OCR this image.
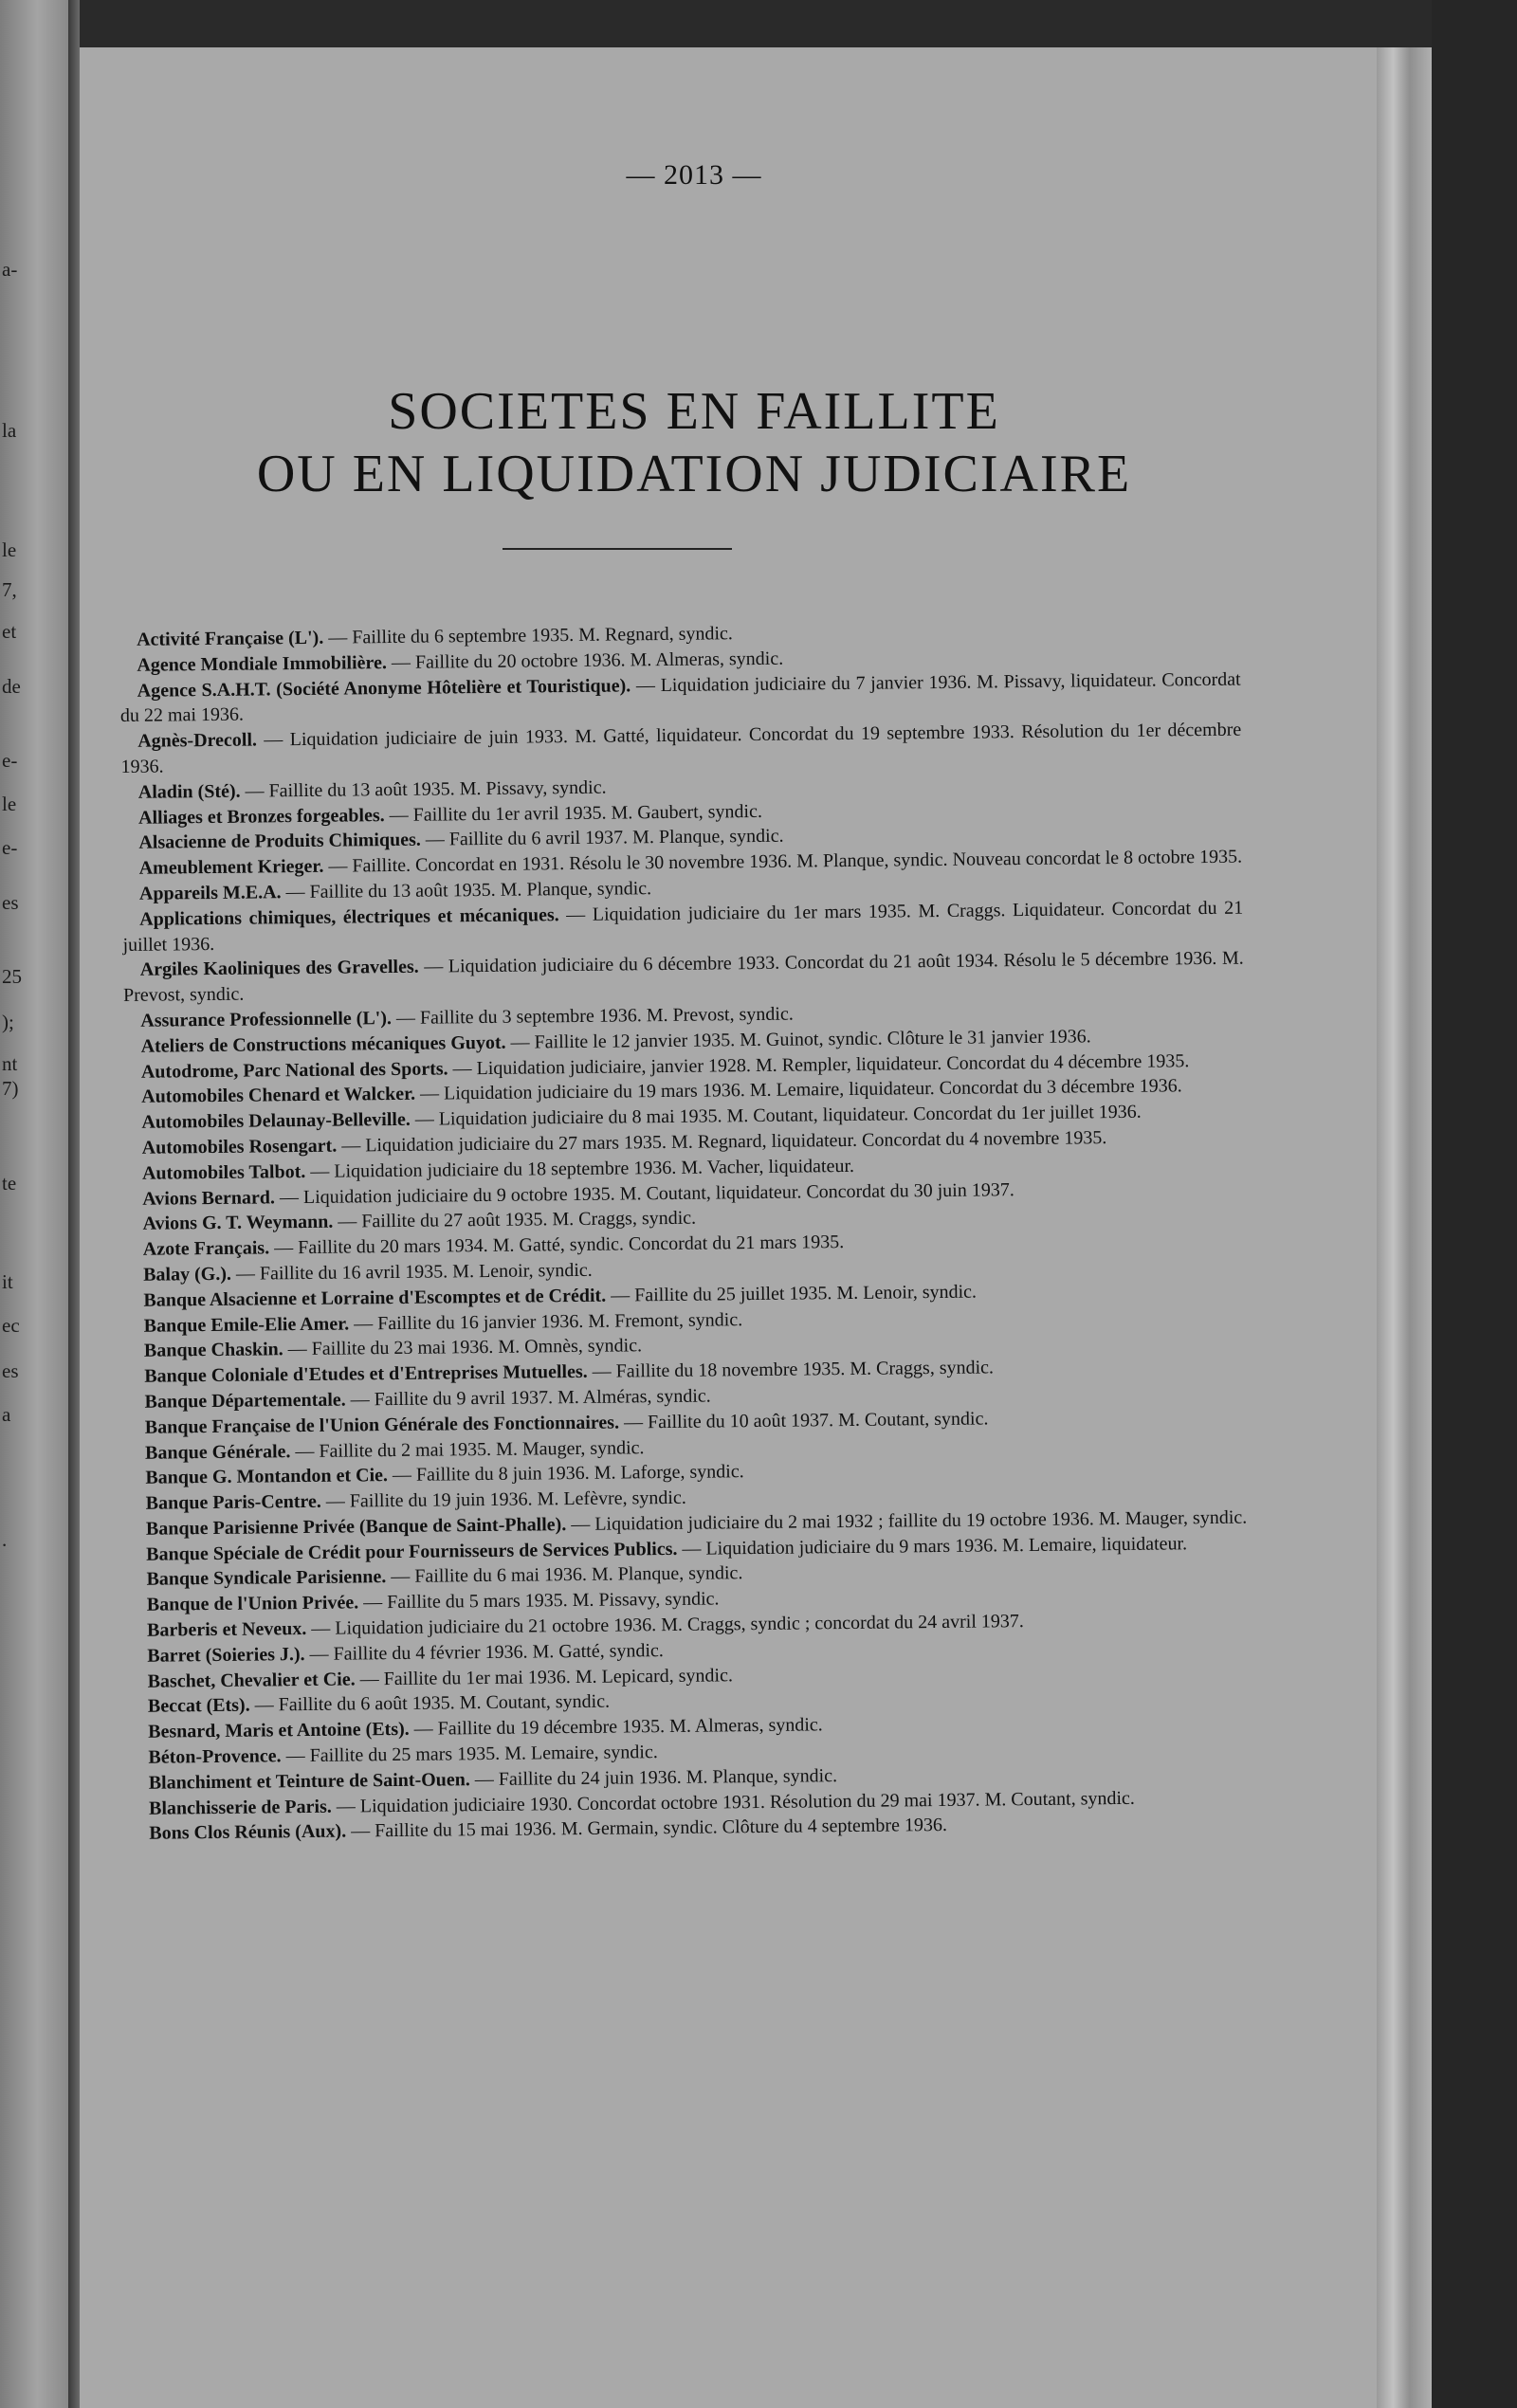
a-
la
le
7,
et
de
e-
le
e-
es
25
);
nt
7)
te
it
ec
es
a
.
— 2013 —
SOCIETES EN FAILLITE
OU EN LIQUIDATION JUDICIAIRE

Activité Française (L'). — Faillite du 6 septembre 1935. M. Regnard, syndic.

Agence Mondiale Immobilière. — Faillite du 20 octobre 1936. M. Almeras, syndic.

Agence S.A.H.T. (Société Anonyme Hôtelière et Touristique). — Liquidation judiciaire du 7 janvier 1936. M. Pissavy, liquidateur. Concordat du 22 mai 1936.

Agnès-Drecoll. — Liquidation judiciaire de juin 1933. M. Gatté, liquidateur. Concordat du 19 septembre 1933. Résolution du 1er décembre 1936.

Aladin (Sté). — Faillite du 13 août 1935. M. Pissavy, syndic.

Alliages et Bronzes forgeables. — Faillite du 1er avril 1935. M. Gaubert, syndic.

Alsacienne de Produits Chimiques. — Faillite du 6 avril 1937. M. Planque, syndic.

Ameublement Krieger. — Faillite. Concordat en 1931. Résolu le 30 novembre 1936. M. Planque, syndic. Nouveau concordat le 8 octobre 1935.

Appareils M.E.A. — Faillite du 13 août 1935. M. Planque, syndic.

Applications chimiques, électriques et mécaniques. — Liquidation judiciaire du 1er mars 1935. M. Craggs. Liquidateur. Concordat du 21 juillet 1936.

Argiles Kaoliniques des Gravelles. — Liquidation judiciaire du 6 décembre 1933. Concordat du 21 août 1934. Résolu le 5 décembre 1936. M. Prevost, syndic.

Assurance Professionnelle (L'). — Faillite du 3 septembre 1936. M. Prevost, syndic.

Ateliers de Constructions mécaniques Guyot. — Faillite le 12 janvier 1935. M. Guinot, syndic. Clôture le 31 janvier 1936.

Autodrome, Parc National des Sports. — Liquidation judiciaire, janvier 1928. M. Rempler, liquidateur. Concordat du 4 décembre 1935.

Automobiles Chenard et Walcker. — Liquidation judiciaire du 19 mars 1936. M. Lemaire, liquidateur. Concordat du 3 décembre 1936.

Automobiles Delaunay-Belleville. — Liquidation judiciaire du 8 mai 1935. M. Coutant, liquidateur. Concordat du 1er juillet 1936.

Automobiles Rosengart. — Liquidation judiciaire du 27 mars 1935. M. Regnard, liquidateur. Concordat du 4 novembre 1935.

Automobiles Talbot. — Liquidation judiciaire du 18 septembre 1936. M. Vacher, liquidateur.

Avions Bernard. — Liquidation judiciaire du 9 octobre 1935. M. Coutant, liquidateur. Concordat du 30 juin 1937.

Avions G. T. Weymann. — Faillite du 27 août 1935. M. Craggs, syndic.

Azote Français. — Faillite du 20 mars 1934. M. Gatté, syndic. Concordat du 21 mars 1935.

Balay (G.). — Faillite du 16 avril 1935. M. Lenoir, syndic.

Banque Alsacienne et Lorraine d'Escomptes et de Crédit. — Faillite du 25 juillet 1935. M. Lenoir, syndic.

Banque Emile-Elie Amer. — Faillite du 16 janvier 1936. M. Fremont, syndic.

Banque Chaskin. — Faillite du 23 mai 1936. M. Omnès, syndic.

Banque Coloniale d'Etudes et d'Entreprises Mutuelles. — Faillite du 18 novembre 1935. M. Craggs, syndic.

Banque Départementale. — Faillite du 9 avril 1937. M. Alméras, syndic.

Banque Française de l'Union Générale des Fonctionnaires. — Faillite du 10 août 1937. M. Coutant, syndic.

Banque Générale. — Faillite du 2 mai 1935. M. Mauger, syndic.

Banque G. Montandon et Cie. — Faillite du 8 juin 1936. M. Laforge, syndic.

Banque Paris-Centre. — Faillite du 19 juin 1936. M. Lefèvre, syndic.

Banque Parisienne Privée (Banque de Saint-Phalle). — Liquidation judiciaire du 2 mai 1932 ; faillite du 19 octobre 1936. M. Mauger, syndic.

Banque Spéciale de Crédit pour Fournisseurs de Services Publics. — Liquidation judiciaire du 9 mars 1936. M. Lemaire, liquidateur.

Banque Syndicale Parisienne. — Faillite du 6 mai 1936. M. Planque, syndic.

Banque de l'Union Privée. — Faillite du 5 mars 1935. M. Pissavy, syndic.

Barberis et Neveux. — Liquidation judiciaire du 21 octobre 1936. M. Craggs, syndic ; concordat du 24 avril 1937.

Barret (Soieries J.). — Faillite du 4 février 1936. M. Gatté, syndic.

Baschet, Chevalier et Cie. — Faillite du 1er mai 1936. M. Lepicard, syndic.

Beccat (Ets). — Faillite du 6 août 1935. M. Coutant, syndic.

Besnard, Maris et Antoine (Ets). — Faillite du 19 décembre 1935. M. Almeras, syndic.

Béton-Provence. — Faillite du 25 mars 1935. M. Lemaire, syndic.

Blanchiment et Teinture de Saint-Ouen. — Faillite du 24 juin 1936. M. Planque, syndic.

Blanchisserie de Paris. — Liquidation judiciaire 1930. Concordat octobre 1931. Résolution du 29 mai 1937. M. Coutant, syndic.

Bons Clos Réunis (Aux). — Faillite du 15 mai 1936. M. Germain, syndic. Clôture du 4 septembre 1936.
